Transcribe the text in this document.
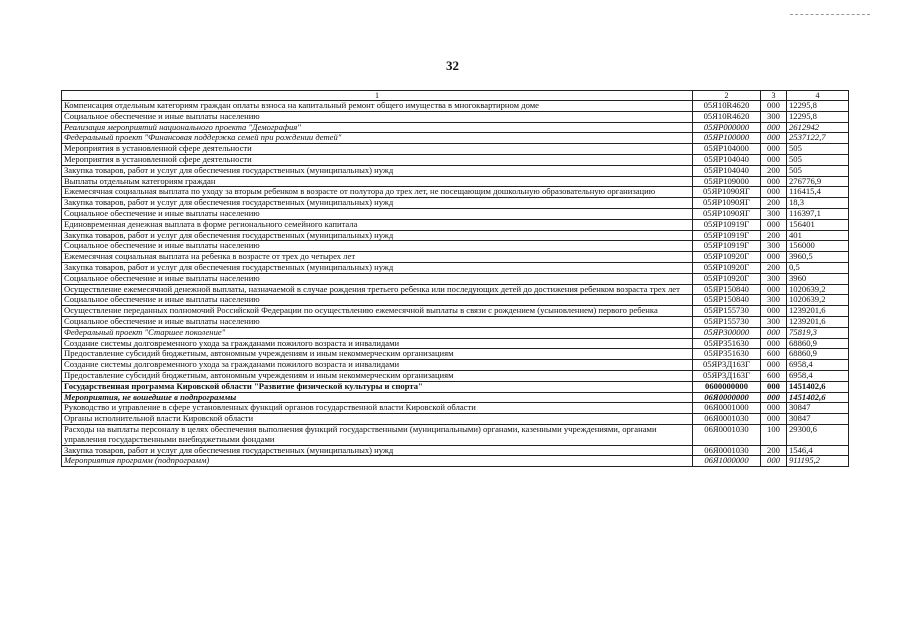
32
1	2	3	4
Компенсация отдельным категориям граждан оплаты взноса на капитальный ремонт общего имущества в многоквартирном доме	05Я10R4620	000	12295,8
Социальное обеспечение и иные выплаты населению	05Я10R4620	300	12295,8
Реализация мероприятий национального проекта "Демография"	05ЯР000000	000	2612942
Федеральный проект "Финансовая поддержка семей при рождении детей"	05ЯР100000	000	2537122,7
Мероприятия в установленной сфере деятельности	05ЯР104000	000	505
Мероприятия в установленной сфере деятельности	05ЯР104040	000	505
Закупка товаров, работ и услуг для обеспечения государственных (муниципальных) нужд	05ЯР104040	200	505
Выплаты отдельным категориям граждан	05ЯР109000	000	276776,9
Ежемесячная социальная выплата по уходу за вторым ребенком в возрасте от полутора до трех лет, не посещающим дошкольную образовательную организацию	05ЯР1090ЯГ	000	116415,4
Закупка товаров, работ и услуг для обеспечения государственных (муниципальных) нужд	05ЯР1090ЯГ	200	18,3
Социальное обеспечение и иные выплаты населению	05ЯР1090ЯГ	300	116397,1
Единовременная денежная выплата в форме регионального семейного капитала	05ЯР10919Г	000	156401
Закупка товаров, работ и услуг для обеспечения государственных (муниципальных) нужд	05ЯР10919Г	200	401
Социальное обеспечение и иные выплаты населению	05ЯР10919Г	300	156000
Ежемесячная социальная выплата на ребенка в возрасте от трех до четырех лет	05ЯР10920Г	000	3960,5
Закупка товаров, работ и услуг для обеспечения государственных (муниципальных) нужд	05ЯР10920Г	200	0,5
Социальное обеспечение и иные выплаты населению	05ЯР10920Г	300	3960
Осуществление ежемесячной денежной выплаты, назначаемой в случае рождения третьего ребенка или последующих детей до достижения ребенком возраста трех лет	05ЯР150840	000	1020639,2
Социальное обеспечение и иные выплаты населению	05ЯР150840	300	1020639,2
Осуществление переданных полномочий Российской Федерации по осуществлению ежемесячной выплаты в связи с рождением (усыновлением) первого ребенка	05ЯР155730	000	1239201,6
Социальное обеспечение и иные выплаты населению	05ЯР155730	300	1239201,6
Федеральный проект "Старшее поколение"	05ЯР300000	000	75819,3
Создание системы долговременного ухода за гражданами пожилого возраста и инвалидами	05ЯР351630	000	68860,9
Предоставление субсидий бюджетным, автономным учреждениям и иным некоммерческим организациям	05ЯР351630	600	68860,9
Создание системы долговременного ухода за гражданами пожилого возраста и инвалидами	05ЯР3Д163Г	000	6958,4
Предоставление субсидий бюджетным, автономным учреждениям и иным некоммерческим организациям	05ЯР3Д163Г	600	6958,4
Государственная программа Кировской области "Развитие физической культуры и спорта"	0600000000	000	1451402,6
Мероприятия, не вошедшие в подпрограммы	06Я0000000	000	1451402,6
Руководство и управление в сфере установленных функций органов государственной власти Кировской области	06Я0001000	000	30847
Органы исполнительной власти Кировской области	06Я0001030	000	30847
Расходы на выплаты персоналу в целях обеспечения выполнения функций государственными (муниципальными) органами, казенными учреждениями, органами управления государственными внебюджетными фондами	06Я0001030	100	29300,6
Закупка товаров, работ и услуг для обеспечения государственных (муниципальных) нужд	06Я0001030	200	1546,4
Мероприятия программ (подпрограмм)	06Я1000000	000	911195,2
